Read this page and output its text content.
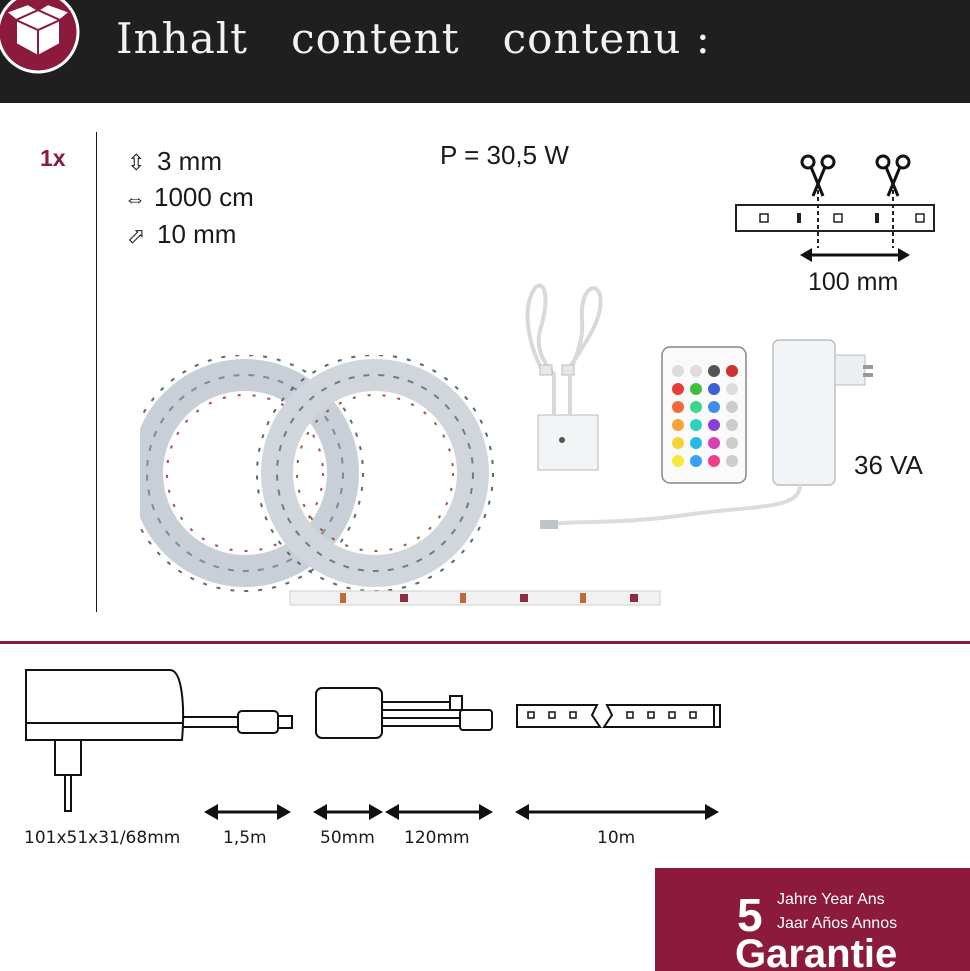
Inhalt   content   contenu :
1x	⇳ 3 mm
⇔ 1000 cm
⬀ 10 mm
P = 30,5 W
100 mm
36 VA
101x51x31/68mm	1,5m	50mm 120mm	10m
5 Jahre Year Ans
Jaar Años Annos
Garantie
